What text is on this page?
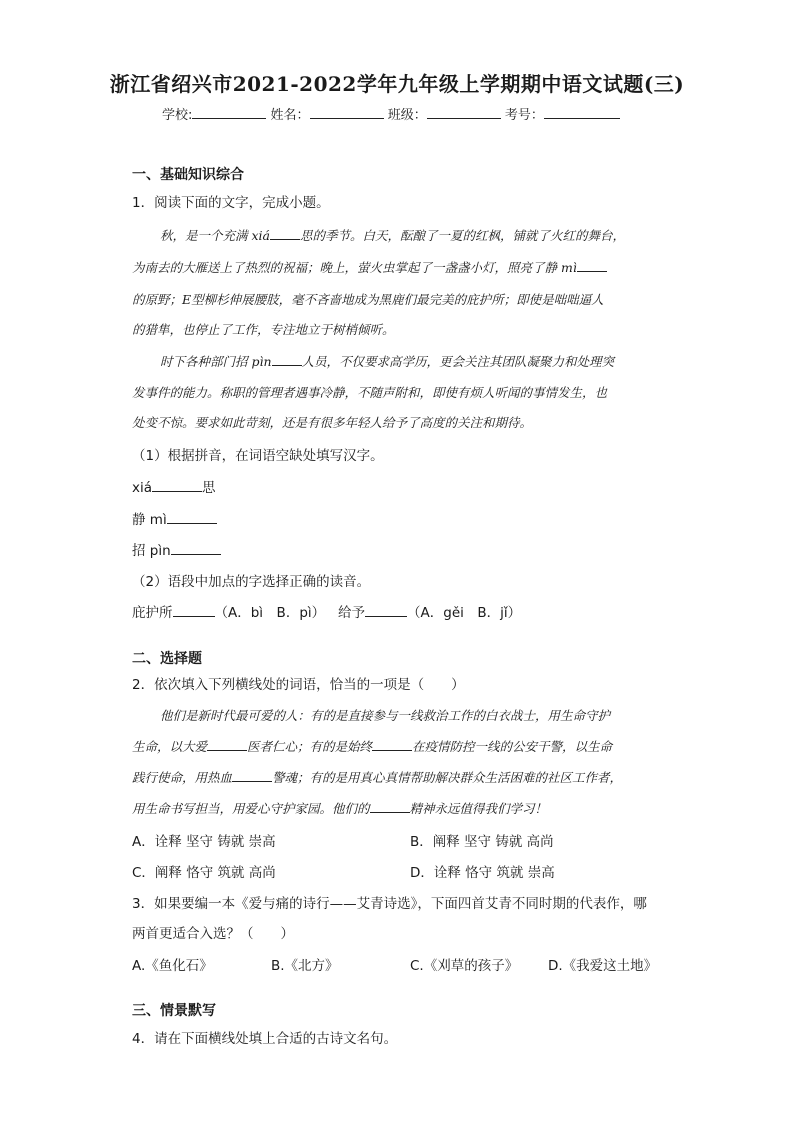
浙江省绍兴市2021-2022学年九年级上学期期中语文试题(三)
学校:	姓名：	班级：	考号：
一、基础知识综合
1．阅读下面的文字，完成小题。
秋，是一个充满 xiá 思的季节。白天，酝酿了一夏的红枫，铺就了火红的舞台，
为南去的大雁送上了热烈的祝福；晚上，萤火虫掌起了一盏盏小灯，照亮了静 mì
的原野；E型柳杉伸展腰肢，毫不吝啬地成为黑鹿们最完美的庇护所；即使是咄咄逼人
的猎隼，也停止了工作，专注地立于树梢倾听。
时下各种部门招 pìn 人员，不仅要求高学历，更会关注其团队凝聚力和处理突
发事件的能力。称职的管理者遇事冷静，不随声附和，即使有烦人听闻的事情发生，也
处变不惊。要求如此苛刻，还是有很多年轻人给予了高度的关注和期待。
（1）根据拼音，在词语空缺处填写汉字。
xiá	思
静 mì
招 pìn
（2）语段中加点的字选择正确的读音。
庇护所	（A．bì　B．pì） 给予	（A．gěi　B．jǐ）
二、选择题
2．依次填入下列横线处的词语，恰当的一项是（　　）
他们是新时代最可爱的人：有的是直接参与一线救治工作的白衣战士，用生命守护
生命，以大爱	医者仁心；有的是始终	在疫情防控一线的公安干警，以生命
践行使命，用热血	警魂；有的是用真心真情帮助解决群众生活困难的社区工作者，
用生命书写担当，用爱心守护家园。他们的	精神永远值得我们学习！
A．诠释 坚守 铸就 崇高	B．阐释 坚守 铸就 高尚
C．阐释 恪守 筑就 高尚	D．诠释 恪守 筑就 崇高
3．如果要编一本《爱与痛的诗行——艾青诗选》，下面四首艾青不同时期的代表作，哪
两首更适合入选？（　　）
A.《鱼化石》	B.《北方》	C.《刈草的孩子》 D.《我爱这土地》
三、情景默写
4．请在下面横线处填上合适的古诗文名句。
